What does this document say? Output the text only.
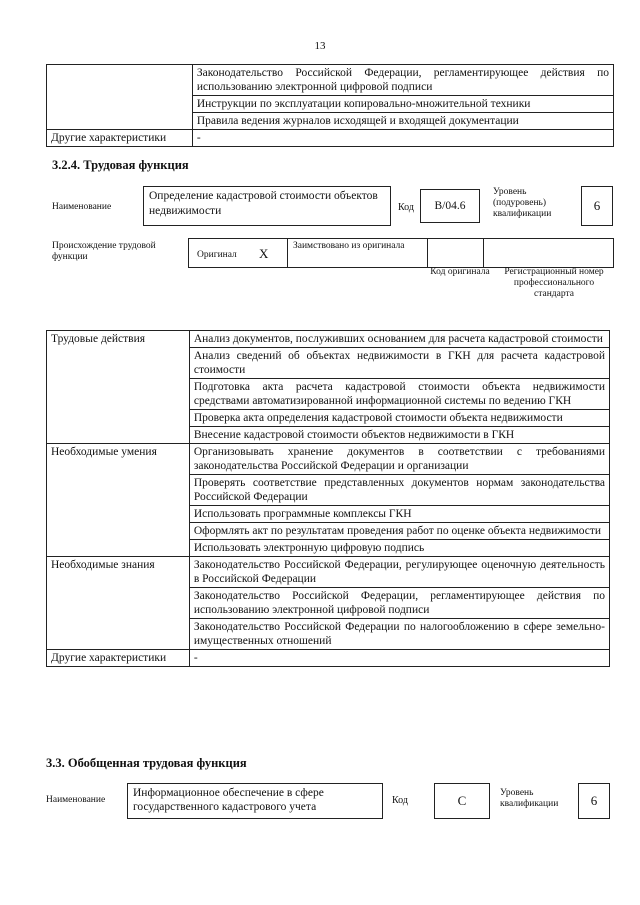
13
	Законодательство Российской Федерации, регламентирующее действия по использованию электронной цифровой подписи
	Инструкции по эксплуатации копировально-множительной техники
	Правила ведения журналов исходящей и входящей документации
Другие характеристики	-
3.2.4. Трудовая функция
Наименование
Определение кадастровой стоимости объектов недвижимости	Код	B/04.6
Уровень (подуровень) квалификации
6
Происхождение трудовой функции	Оригинал X	Заимствовано из оригинала
Код оригинала	Регистрационный номер профессионального стандарта
Трудовые действия	Анализ документов, послуживших основанием для расчета кадастровой стоимости
	Анализ сведений об объектах недвижимости в ГКН для расчета кадастровой стоимости
	Подготовка акта расчета кадастровой стоимости объекта недвижимости средствами автоматизированной информационной системы по ведению ГКН
	Проверка акта определения кадастровой стоимости объекта недвижимости
	Внесение кадастровой стоимости объектов недвижимости в ГКН
Необходимые умения	Организовывать хранение документов в соответствии с требованиями законодательства Российской Федерации и организации
	Проверять соответствие представленных документов нормам законодательства Российской Федерации
	Использовать программные комплексы ГКН
	Оформлять акт по результатам проведения работ по оценке объекта недвижимости
	Использовать электронную цифровую подпись
Необходимые знания	Законодательство Российской Федерации, регулирующее оценочную деятельность в Российской Федерации
	Законодательство Российской Федерации, регламентирующее действия по использованию электронной цифровой подписи
	Законодательство Российской Федерации по налогообложению в сфере земельно-имущественных отношений
Другие характеристики	-
3.3. Обобщенная трудовая функция
Наименование
Информационное обеспечение в сфере государственного кадастрового учета
Код	C	Уровень квалификации	6
